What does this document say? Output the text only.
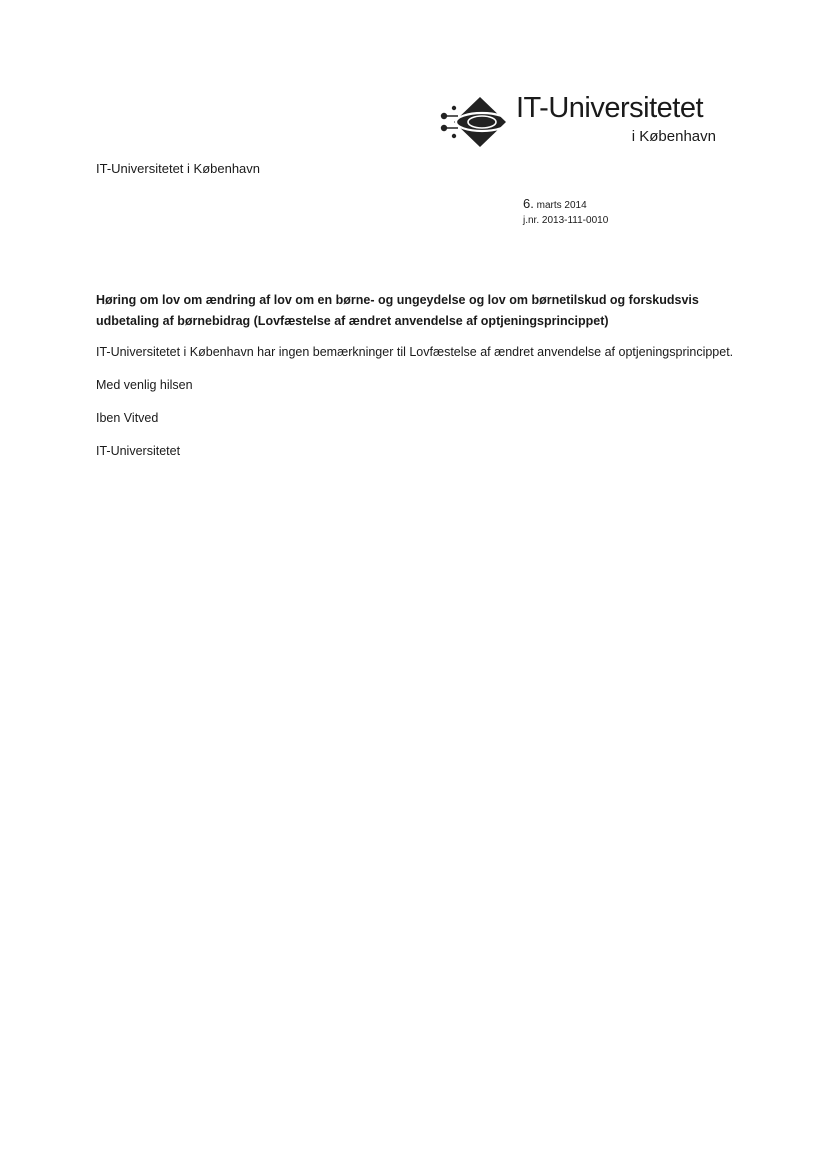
IT-Universitetet
i København
IT-Universitetet i København
6. marts 2014
j.nr. 2013-111-0010

Høring om lov om ændring af lov om en børne- og ungeydelse og lov om børnetilskud og forskudsvis udbetaling af børnebidrag (Lovfæstelse af ændret anvendelse af optjeningsprincippet)

IT-Universitetet i København har ingen bemærkninger til Lovfæstelse af ændret anvendelse af optjeningsprincippet.

Med venlig hilsen

Iben Vitved

IT-Universitetet
